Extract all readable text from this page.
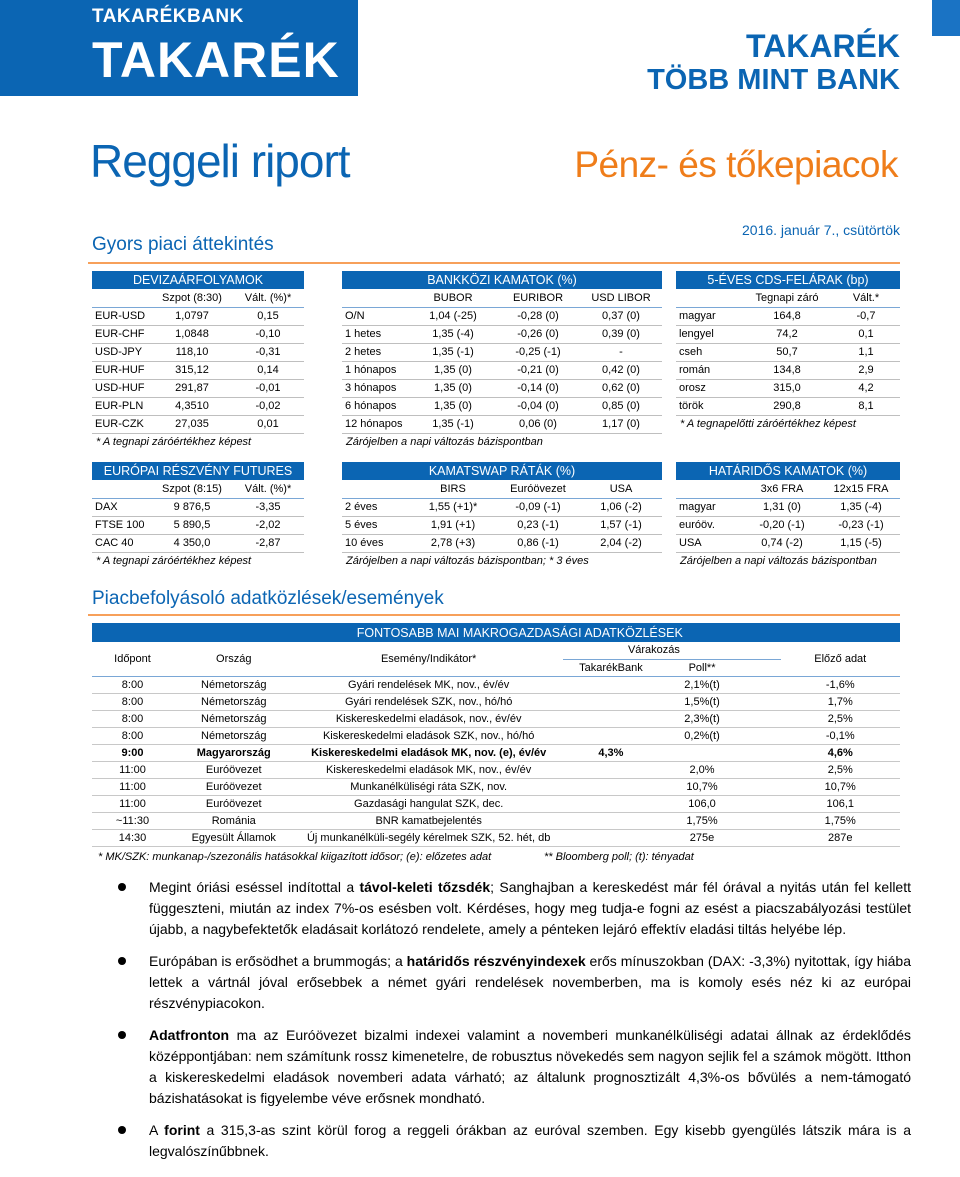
TAKARÉKBANK
TAKARÉK	TAKARÉK
TÖBB MINT BANK
Reggeli riport	Pénz- és tőkepiacok
Gyors piaci áttekintés
2016. január 7., csütörtök
DEVIZAÁRFOLYAMOK		
	Szpot (8:30)	Vált. (%)*
EUR-USD	1,0797	0,15
EUR-CHF	1,0848	-0,10
USD-JPY	118,10	-0,31
EUR-HUF	315,12	0,14
USD-HUF	291,87	-0,01
EUR-PLN	4,3510	-0,02
EUR-CZK	27,035	0,01
* A tegnapi záróértékhez képest
BANKKÖZI KAMATOK (%)			
	BUBOR	EURIBOR	USD LIBOR
O/N	1,04 (-25)	-0,28 (0)	0,37 (0)
1 hetes	1,35 (-4)	-0,26 (0)	0,39 (0)
2 hetes	1,35 (-1)	-0,25 (-1)	-
1 hónapos	1,35 (0)	-0,21 (0)	0,42 (0)
3 hónapos	1,35 (0)	-0,14 (0)	0,62 (0)
6 hónapos	1,35 (0)	-0,04 (0)	0,85 (0)
12 hónapos	1,35 (-1)	0,06 (0)	1,17 (0)
Zárójelben a napi változás bázispontban
5-ÉVES CDS-FELÁRAK (bp)		
	Tegnapi záró	Vált.*
magyar	164,8	-0,7
lengyel	74,2	0,1
cseh	50,7	1,1
román	134,8	2,9
orosz	315,0	4,2
török	290,8	8,1
* A tegnapelőtti záróértékhez képest
EURÓPAI RÉSZVÉNY FUTURES		
	Szpot (8:15)	Vált. (%)*
DAX	9 876,5	-3,35
FTSE 100	5 890,5	-2,02
CAC 40	4 350,0	-2,87
* A tegnapi záróértékhez képest
KAMATSWAP RÁTÁK (%)			
	BIRS	Euróövezet	USA
2 éves	1,55 (+1)*	-0,09 (-1)	1,06 (-2)
5 éves	1,91 (+1)	0,23 (-1)	1,57 (-1)
10 éves	2,78 (+3)	0,86 (-1)	2,04 (-2)
Zárójelben a napi változás bázispontban; * 3 éves
HATÁRIDŐS KAMATOK (%)		
	3x6 FRA	12x15 FRA
magyar	1,31 (0)	1,35 (-4)
euróöv.	-0,20 (-1)	-0,23 (-1)
USA	0,74 (-2)	1,15 (-5)
Zárójelben a napi változás bázispontban
Piacbefolyásoló adatközlések/események
		FONTOSABB MAI MAKROGAZDASÁGI ADATKÖZLÉSEK				
Időpont	Ország	Esemény/Indikátor*	Várakozás			Előző adat
			TakarékBank	Poll**		
8:00	Németország	Gyári rendelések MK, nov., év/év		2,1%(t)		-1,6%
8:00	Németország	Gyári rendelések SZK, nov., hó/hó		1,5%(t)		1,7%
8:00	Németország	Kiskereskedelmi eladások, nov., év/év		2,3%(t)		2,5%
8:00	Németország	Kiskereskedelmi eladások SZK, nov., hó/hó		0,2%(t)		-0,1%
9:00	Magyarország	Kiskereskedelmi eladások MK, nov. (e), év/év	4,3%			4,6%
11:00	Euróövezet	Kiskereskedelmi eladások MK, nov., év/év		2,0%		2,5%
11:00	Euróövezet	Munkanélküliségi ráta SZK, nov.		10,7%		10,7%
11:00	Euróövezet	Gazdasági hangulat SZK, dec.		106,0		106,1
~11:30	Románia	BNR kamatbejelentés		1,75%		1,75%
14:30	Egyesült Államok	Új munkanélküli-segély kérelmek SZK, 52. hét, db		275e		287e
* MK/SZK: munkanap-/szezonális hatásokkal kiigazított idősor; (e): előzetes adat	** Bloomberg poll; (t): tényadat
Megint óriási eséssel indítottal a távol-keleti tőzsdék; Sanghajban a kereskedést már fél órával a nyitás után fel kellett függeszteni, miután az index 7%-os esésben volt. Kérdéses, hogy meg tudja-e fogni az esést a piacszabályozási testület újabb, a nagybefektetők eladásait korlátozó rendelete, amely a pénteken lejáró effektív eladási tiltás helyébe lép.
Európában is erősödhet a brummogás; a határidős részvényindexek erős mínuszokban (DAX: -3,3%) nyitottak, így hiába lettek a vártnál jóval erősebbek a német gyári rendelések novemberben, ma is komoly esés néz ki az európai részvénypiacokon.
Adatfronton ma az Euróövezet bizalmi indexei valamint a novemberi munkanélküliségi adatai állnak az érdeklődés középpontjában: nem számítunk rossz kimenetelre, de robusztus növekedés sem nagyon sejlik fel a számok mögött. Itthon a kiskereskedelmi eladások novemberi adata várható; az általunk prognosztizált 4,3%-os bővülés a nem-támogató bázishatásokat is figyelembe véve erősnek mondható.
A forint a 315,3-as szint körül forog a reggeli órákban az euróval szemben. Egy kisebb gyengülés látszik mára is a legvalószínűbbnek.
